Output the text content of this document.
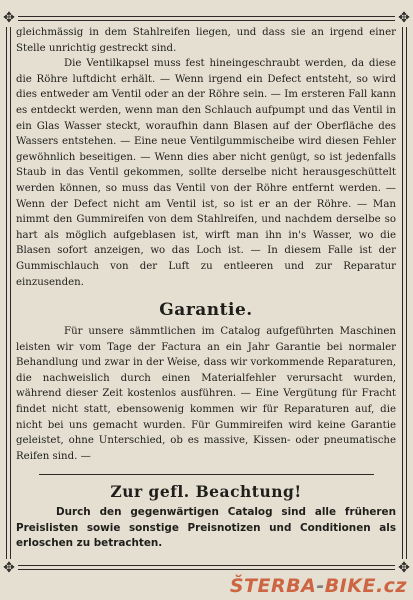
✥	✥
✥	✥

gleichmässig in dem Stahlreifen liegen, und dass sie an irgend einer Stelle unrichtig gestreckt sind.

Die Ventilkapsel muss fest hineingeschraubt werden, da diese die Röhre luftdicht erhält. — Wenn irgend ein Defect entsteht, so wird dies entweder am Ventil oder an der Röhre sein. — Im ersteren Fall kann es entdeckt werden, wenn man den Schlauch aufpumpt und das Ventil in ein Glas Wasser steckt, woraufhin dann Blasen auf der Oberfläche des Wassers entstehen. — Eine neue Ventilgummischeibe wird diesen Fehler gewöhnlich beseitigen. — Wenn dies aber nicht genügt, so ist jedenfalls Staub in das Ventil gekommen, sollte derselbe nicht herausgeschüttelt werden können, so muss das Ventil von der Röhre entfernt werden. — Wenn der Defect nicht am Ventil ist, so ist er an der Röhre. — Man nimmt den Gummireifen von dem Stahlreifen, und nachdem derselbe so hart als möglich aufgeblasen ist, wirft man ihn in's Wasser, wo die Blasen sofort anzeigen, wo das Loch ist. — In diesem Falle ist der Gummischlauch von der Luft zu entleeren und zur Reparatur einzusenden.

Garantie.

Für unsere sämmtlichen im Catalog aufgeführten Maschinen leisten wir vom Tage der Factura an ein Jahr Garantie bei normaler Behandlung und zwar in der Weise, dass wir vorkommende Reparaturen, die nachweislich durch einen Materialfehler verursacht wurden, während dieser Zeit kostenlos ausführen. — Eine Vergütung für Fracht findet nicht statt, ebensowenig kommen wir für Reparaturen auf, die nicht bei uns gemacht wurden. Für Gummireifen wird keine Garantie geleistet, ohne Unterschied, ob es massive, Kissen- oder pneumatische Reifen sind. —

Zur gefl. Beachtung!

Durch den gegenwärtigen Catalog sind alle früheren Preislisten sowie sonstige Preisnotizen und Conditionen als erloschen zu betrachten.

ŠTERBA-BIKE.cz
